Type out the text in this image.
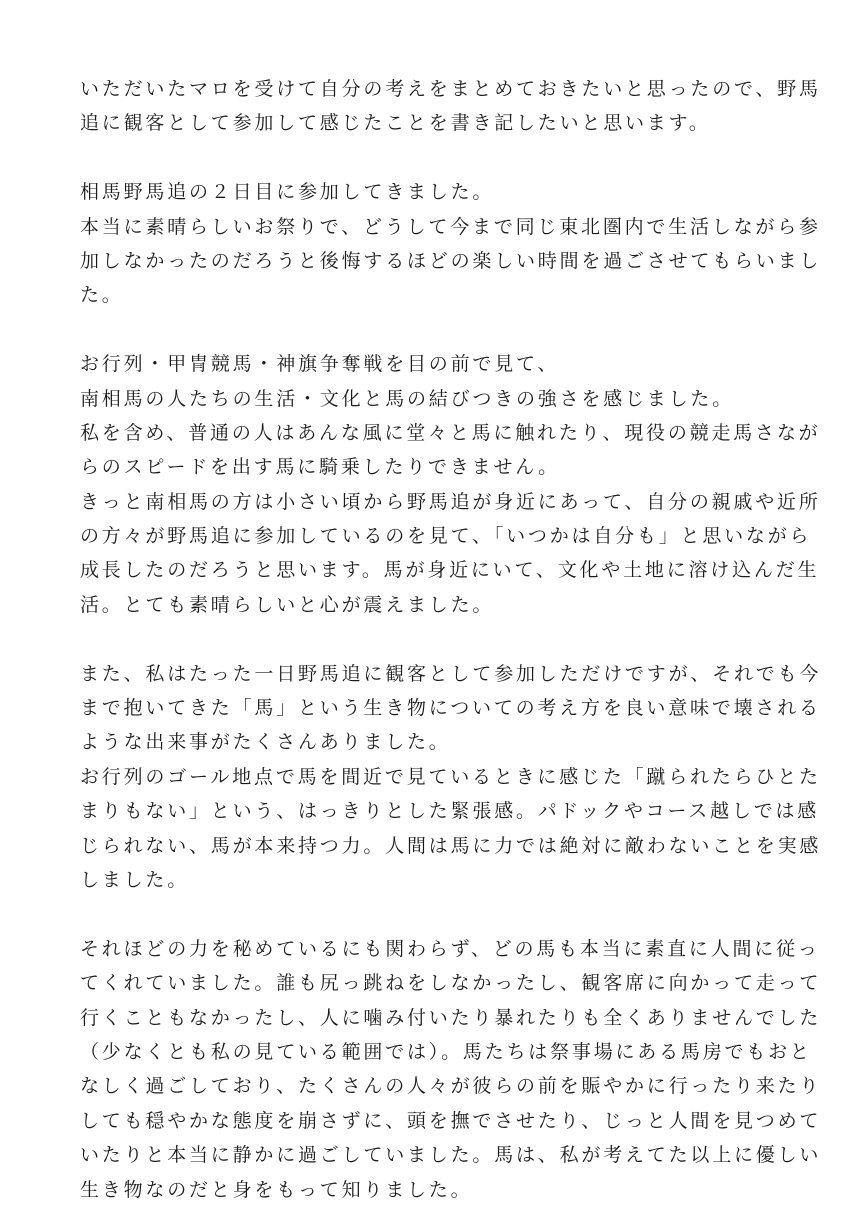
いただいたマロを受けて自分の考えをまとめておきたいと思ったので、野馬
追に観客として参加して感じたことを書き記したいと思います。
相馬野馬追の２日目に参加してきました。
本当に素晴らしいお祭りで、どうして今まで同じ東北圏内で生活しながら参
加しなかったのだろうと後悔するほどの楽しい時間を過ごさせてもらいまし
た。
お行列・甲冑競馬・神旗争奪戦を目の前で見て、
南相馬の人たちの生活・文化と馬の結びつきの強さを感じました。
私を含め、普通の人はあんな風に堂々と馬に触れたり、現役の競走馬さなが
らのスピードを出す馬に騎乗したりできません。
きっと南相馬の方は小さい頃から野馬追が身近にあって、自分の親戚や近所
の方々が野馬追に参加しているのを見て、「いつかは自分も」と思いながら
成長したのだろうと思います。馬が身近にいて、文化や土地に溶け込んだ生
活。とても素晴らしいと心が震えました。
また、私はたった一日野馬追に観客として参加しただけですが、それでも今
まで抱いてきた「馬」という生き物についての考え方を良い意味で壊される
ような出来事がたくさんありました。
お行列のゴール地点で馬を間近で見ているときに感じた「蹴られたらひとた
まりもない」という、はっきりとした緊張感。パドックやコース越しでは感
じられない、馬が本来持つ力。人間は馬に力では絶対に敵わないことを実感
しました。
それほどの力を秘めているにも関わらず、どの馬も本当に素直に人間に従っ
てくれていました。誰も尻っ跳ねをしなかったし、観客席に向かって走って
行くこともなかったし、人に噛み付いたり暴れたりも全くありませんでした
（少なくとも私の見ている範囲では）。馬たちは祭事場にある馬房でもおと
なしく過ごしており、たくさんの人々が彼らの前を賑やかに行ったり来たり
しても穏やかな態度を崩さずに、頭を撫でさせたり、じっと人間を見つめて
いたりと本当に静かに過ごしていました。馬は、私が考えてた以上に優しい
生き物なのだと身をもって知りました。
